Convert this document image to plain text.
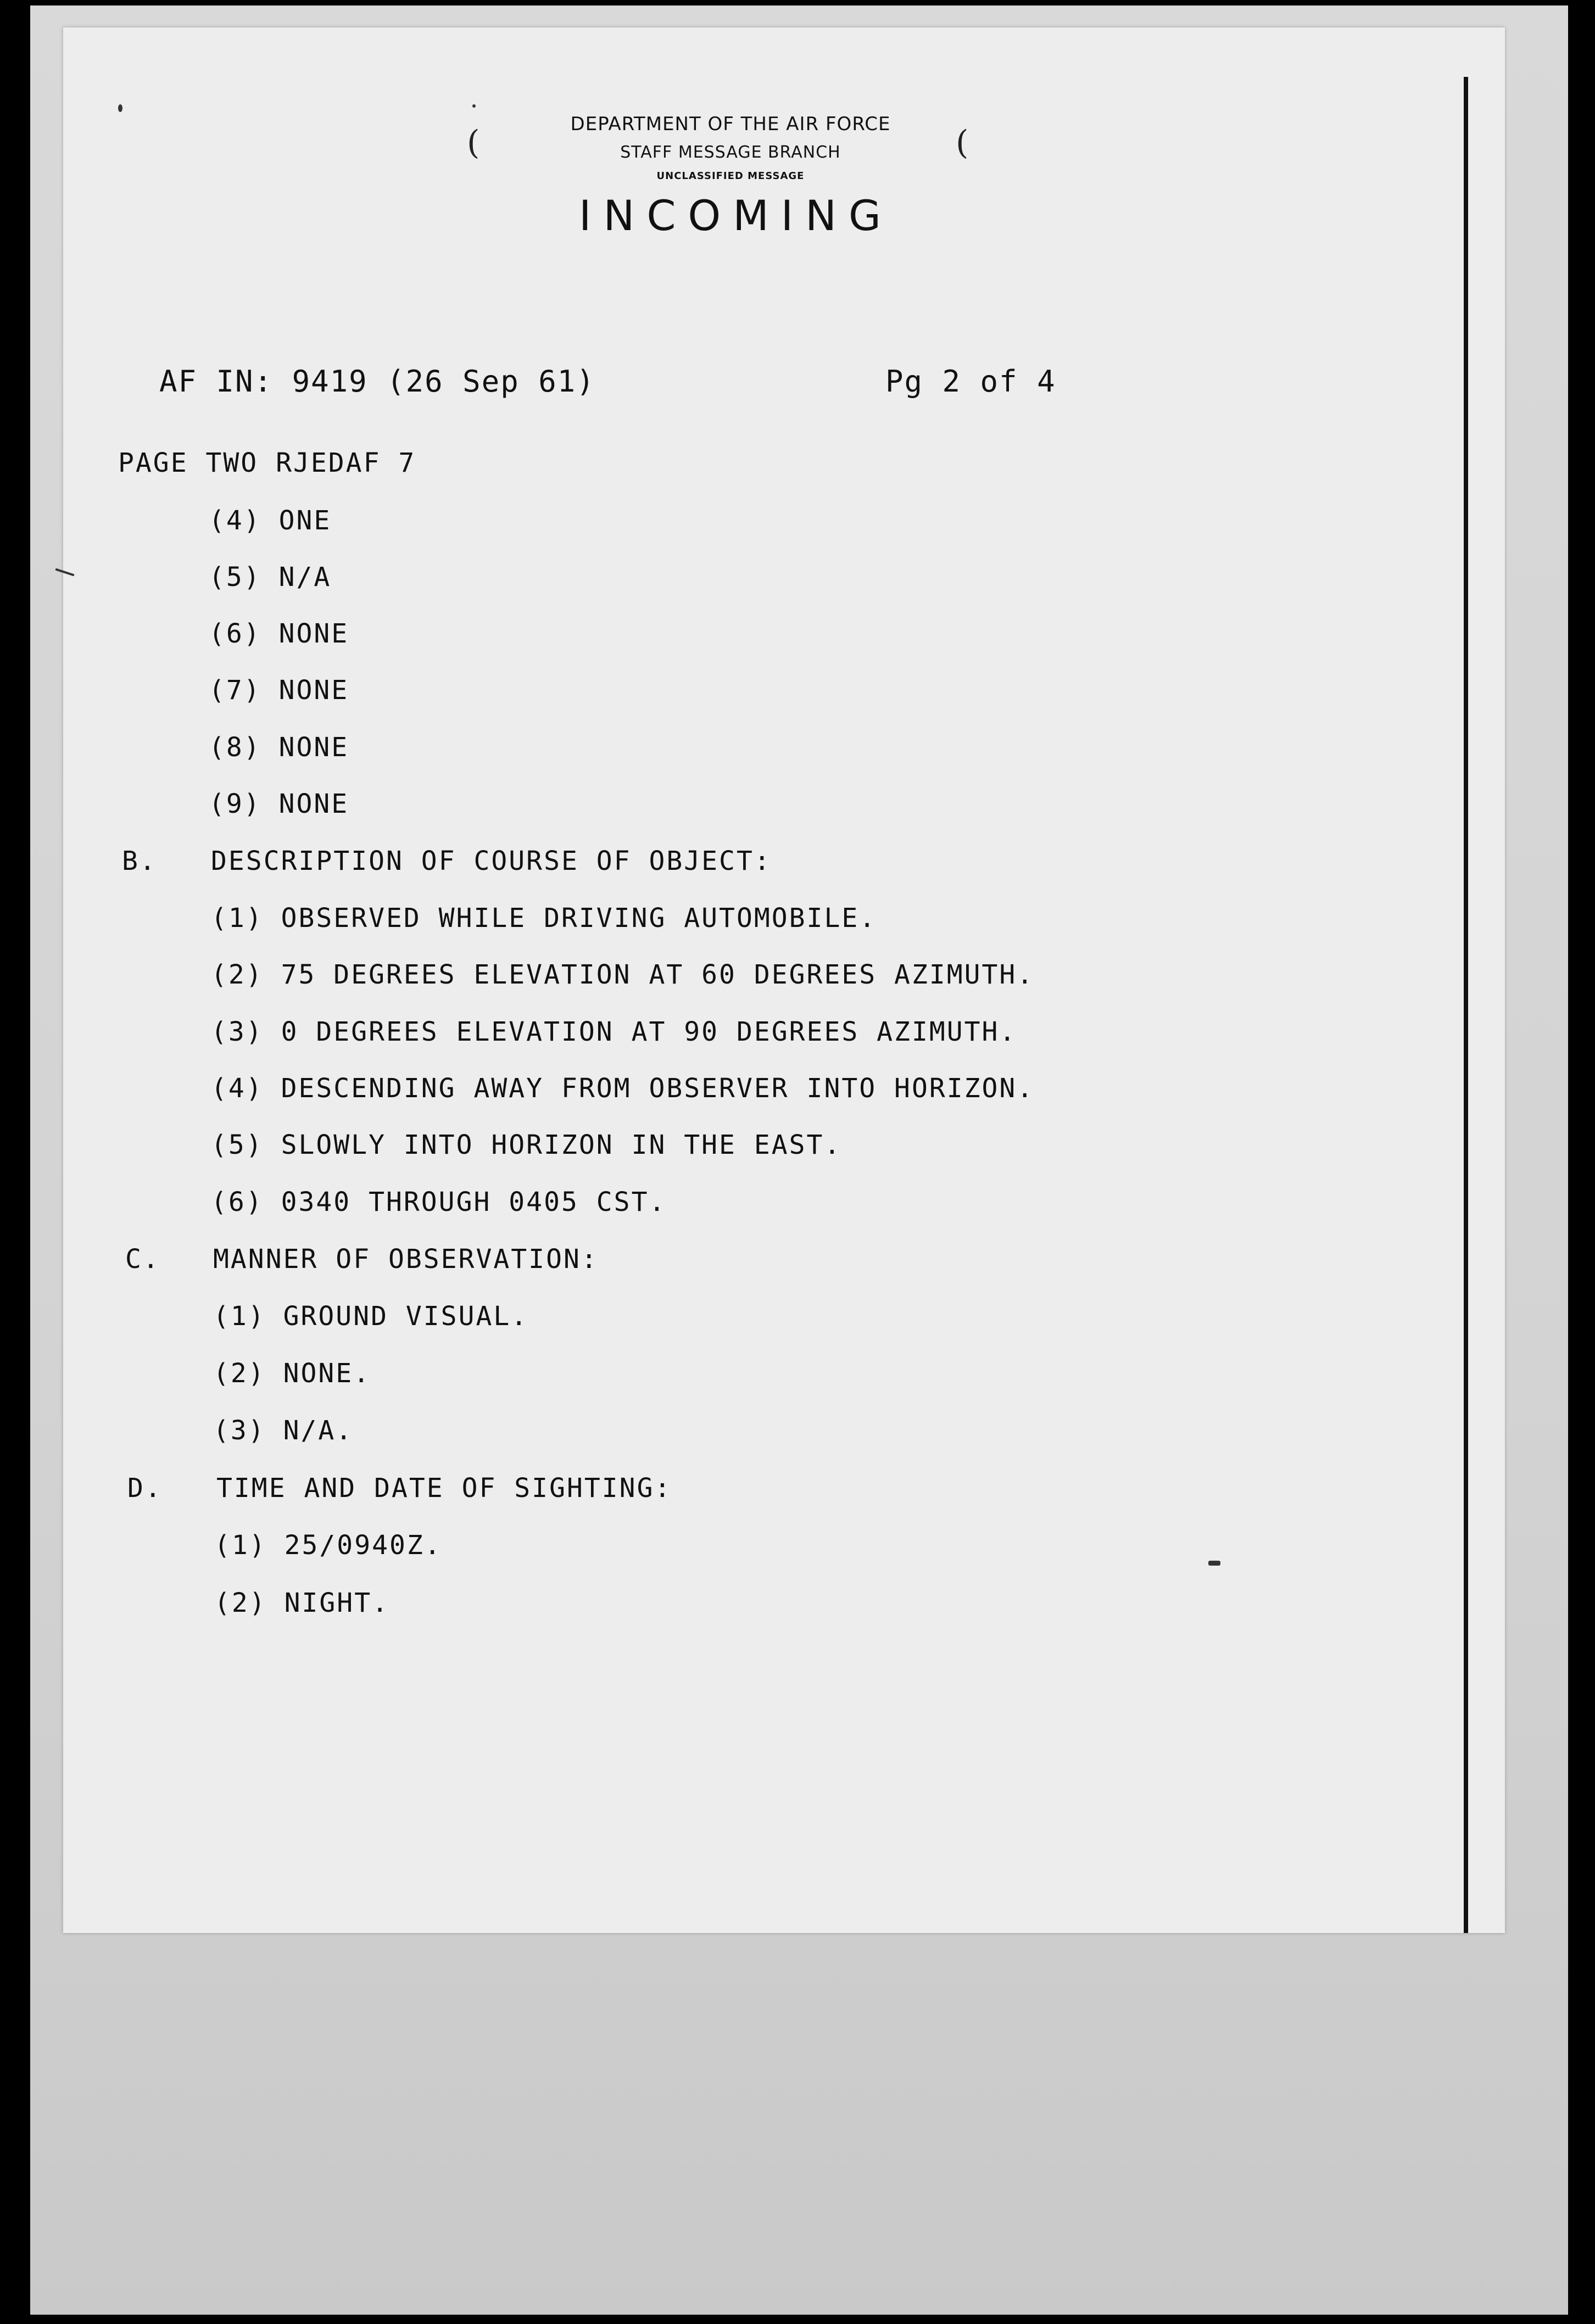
(	(
DEPARTMENT OF THE AIR FORCE
STAFF MESSAGE BRANCH
UNCLASSIFIED MESSAGE
INCOMING
AF IN: 9419 (26 Sep 61)	Pg 2 of 4
PAGE TWO RJEDAF 7
(4) ONE
(5) N/A
(6) NONE
(7) NONE
(8) NONE
(9) NONE
B. DESCRIPTION OF COURSE OF OBJECT:
(1) OBSERVED WHILE DRIVING AUTOMOBILE.
(2) 75 DEGREES ELEVATION AT 60 DEGREES AZIMUTH.
(3) 0 DEGREES ELEVATION AT 90 DEGREES AZIMUTH.
(4) DESCENDING AWAY FROM OBSERVER INTO HORIZON.
(5) SLOWLY INTO HORIZON IN THE EAST.
(6) 0340 THROUGH 0405 CST.
C. MANNER OF OBSERVATION:
(1) GROUND VISUAL.
(2) NONE.
(3) N/A.
D. TIME AND DATE OF SIGHTING:
(1) 25/0940Z.
(2) NIGHT.
